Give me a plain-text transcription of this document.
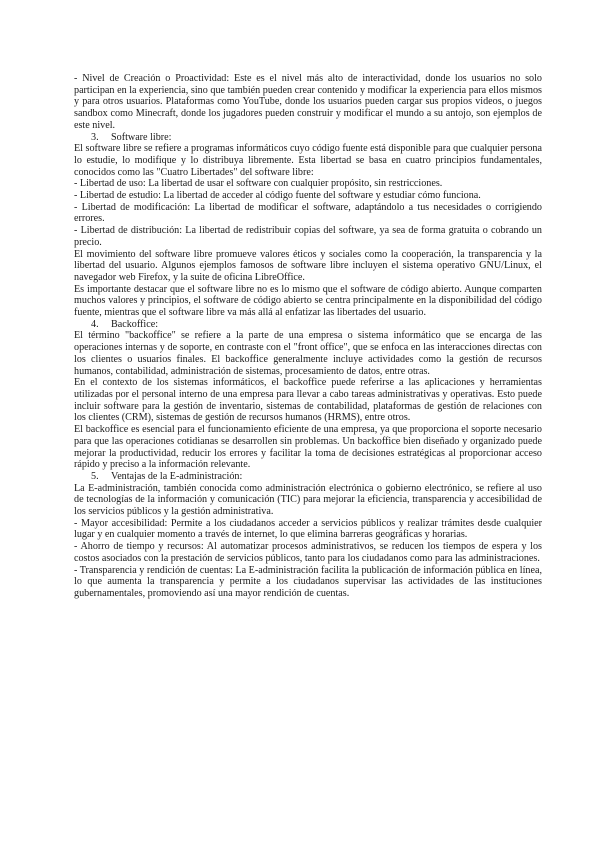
- Nivel de Creación o Proactividad: Este es el nivel más alto de interactividad, donde los usuarios no solo participan en la experiencia, sino que también pueden crear contenido y modificar la experiencia para ellos mismos y para otros usuarios. Plataformas como YouTube, donde los usuarios pueden cargar sus propios videos, o juegos sandbox como Minecraft, donde los jugadores pueden construir y modificar el mundo a su antojo, son ejemplos de este nivel.

3. Software libre:

El software libre se refiere a programas informáticos cuyo código fuente está disponible para que cualquier persona lo estudie, lo modifique y lo distribuya libremente. Esta libertad se basa en cuatro principios fundamentales, conocidos como las "Cuatro Libertades" del software libre:

- Libertad de uso: La libertad de usar el software con cualquier propósito, sin restricciones.

- Libertad de estudio: La libertad de acceder al código fuente del software y estudiar cómo funciona.

- Libertad de modificación: La libertad de modificar el software, adaptándolo a tus necesidades o corrigiendo errores.

- Libertad de distribución: La libertad de redistribuir copias del software, ya sea de forma gratuita o cobrando un precio.

El movimiento del software libre promueve valores éticos y sociales como la cooperación, la transparencia y la libertad del usuario. Algunos ejemplos famosos de software libre incluyen el sistema operativo GNU/Linux, el navegador web Firefox, y la suite de oficina LibreOffice.

Es importante destacar que el software libre no es lo mismo que el software de código abierto. Aunque comparten muchos valores y principios, el software de código abierto se centra principalmente en la disponibilidad del código fuente, mientras que el software libre va más allá al enfatizar las libertades del usuario.

4. Backoffice:

El término "backoffice" se refiere a la parte de una empresa o sistema informático que se encarga de las operaciones internas y de soporte, en contraste con el "front office", que se enfoca en las interacciones directas con los clientes o usuarios finales. El backoffice generalmente incluye actividades como la gestión de recursos humanos, contabilidad, administración de sistemas, procesamiento de datos, entre otras.

En el contexto de los sistemas informáticos, el backoffice puede referirse a las aplicaciones y herramientas utilizadas por el personal interno de una empresa para llevar a cabo tareas administrativas y operativas. Esto puede incluir software para la gestión de inventario, sistemas de contabilidad, plataformas de gestión de relaciones con los clientes (CRM), sistemas de gestión de recursos humanos (HRMS), entre otros.

El backoffice es esencial para el funcionamiento eficiente de una empresa, ya que proporciona el soporte necesario para que las operaciones cotidianas se desarrollen sin problemas. Un backoffice bien diseñado y organizado puede mejorar la productividad, reducir los errores y facilitar la toma de decisiones estratégicas al proporcionar acceso rápido y preciso a la información relevante.

5. Ventajas de la E-administración:

La E-administración, también conocida como administración electrónica o gobierno electrónico, se refiere al uso de tecnologías de la información y comunicación (TIC) para mejorar la eficiencia, transparencia y accesibilidad de los servicios públicos y la gestión administrativa.

- Mayor accesibilidad: Permite a los ciudadanos acceder a servicios públicos y realizar trámites desde cualquier lugar y en cualquier momento a través de internet, lo que elimina barreras geográficas y horarias.

- Ahorro de tiempo y recursos: Al automatizar procesos administrativos, se reducen los tiempos de espera y los costos asociados con la prestación de servicios públicos, tanto para los ciudadanos como para las administraciones.

- Transparencia y rendición de cuentas: La E-administración facilita la publicación de información pública en línea, lo que aumenta la transparencia y permite a los ciudadanos supervisar las actividades de las instituciones gubernamentales, promoviendo así una mayor rendición de cuentas.
